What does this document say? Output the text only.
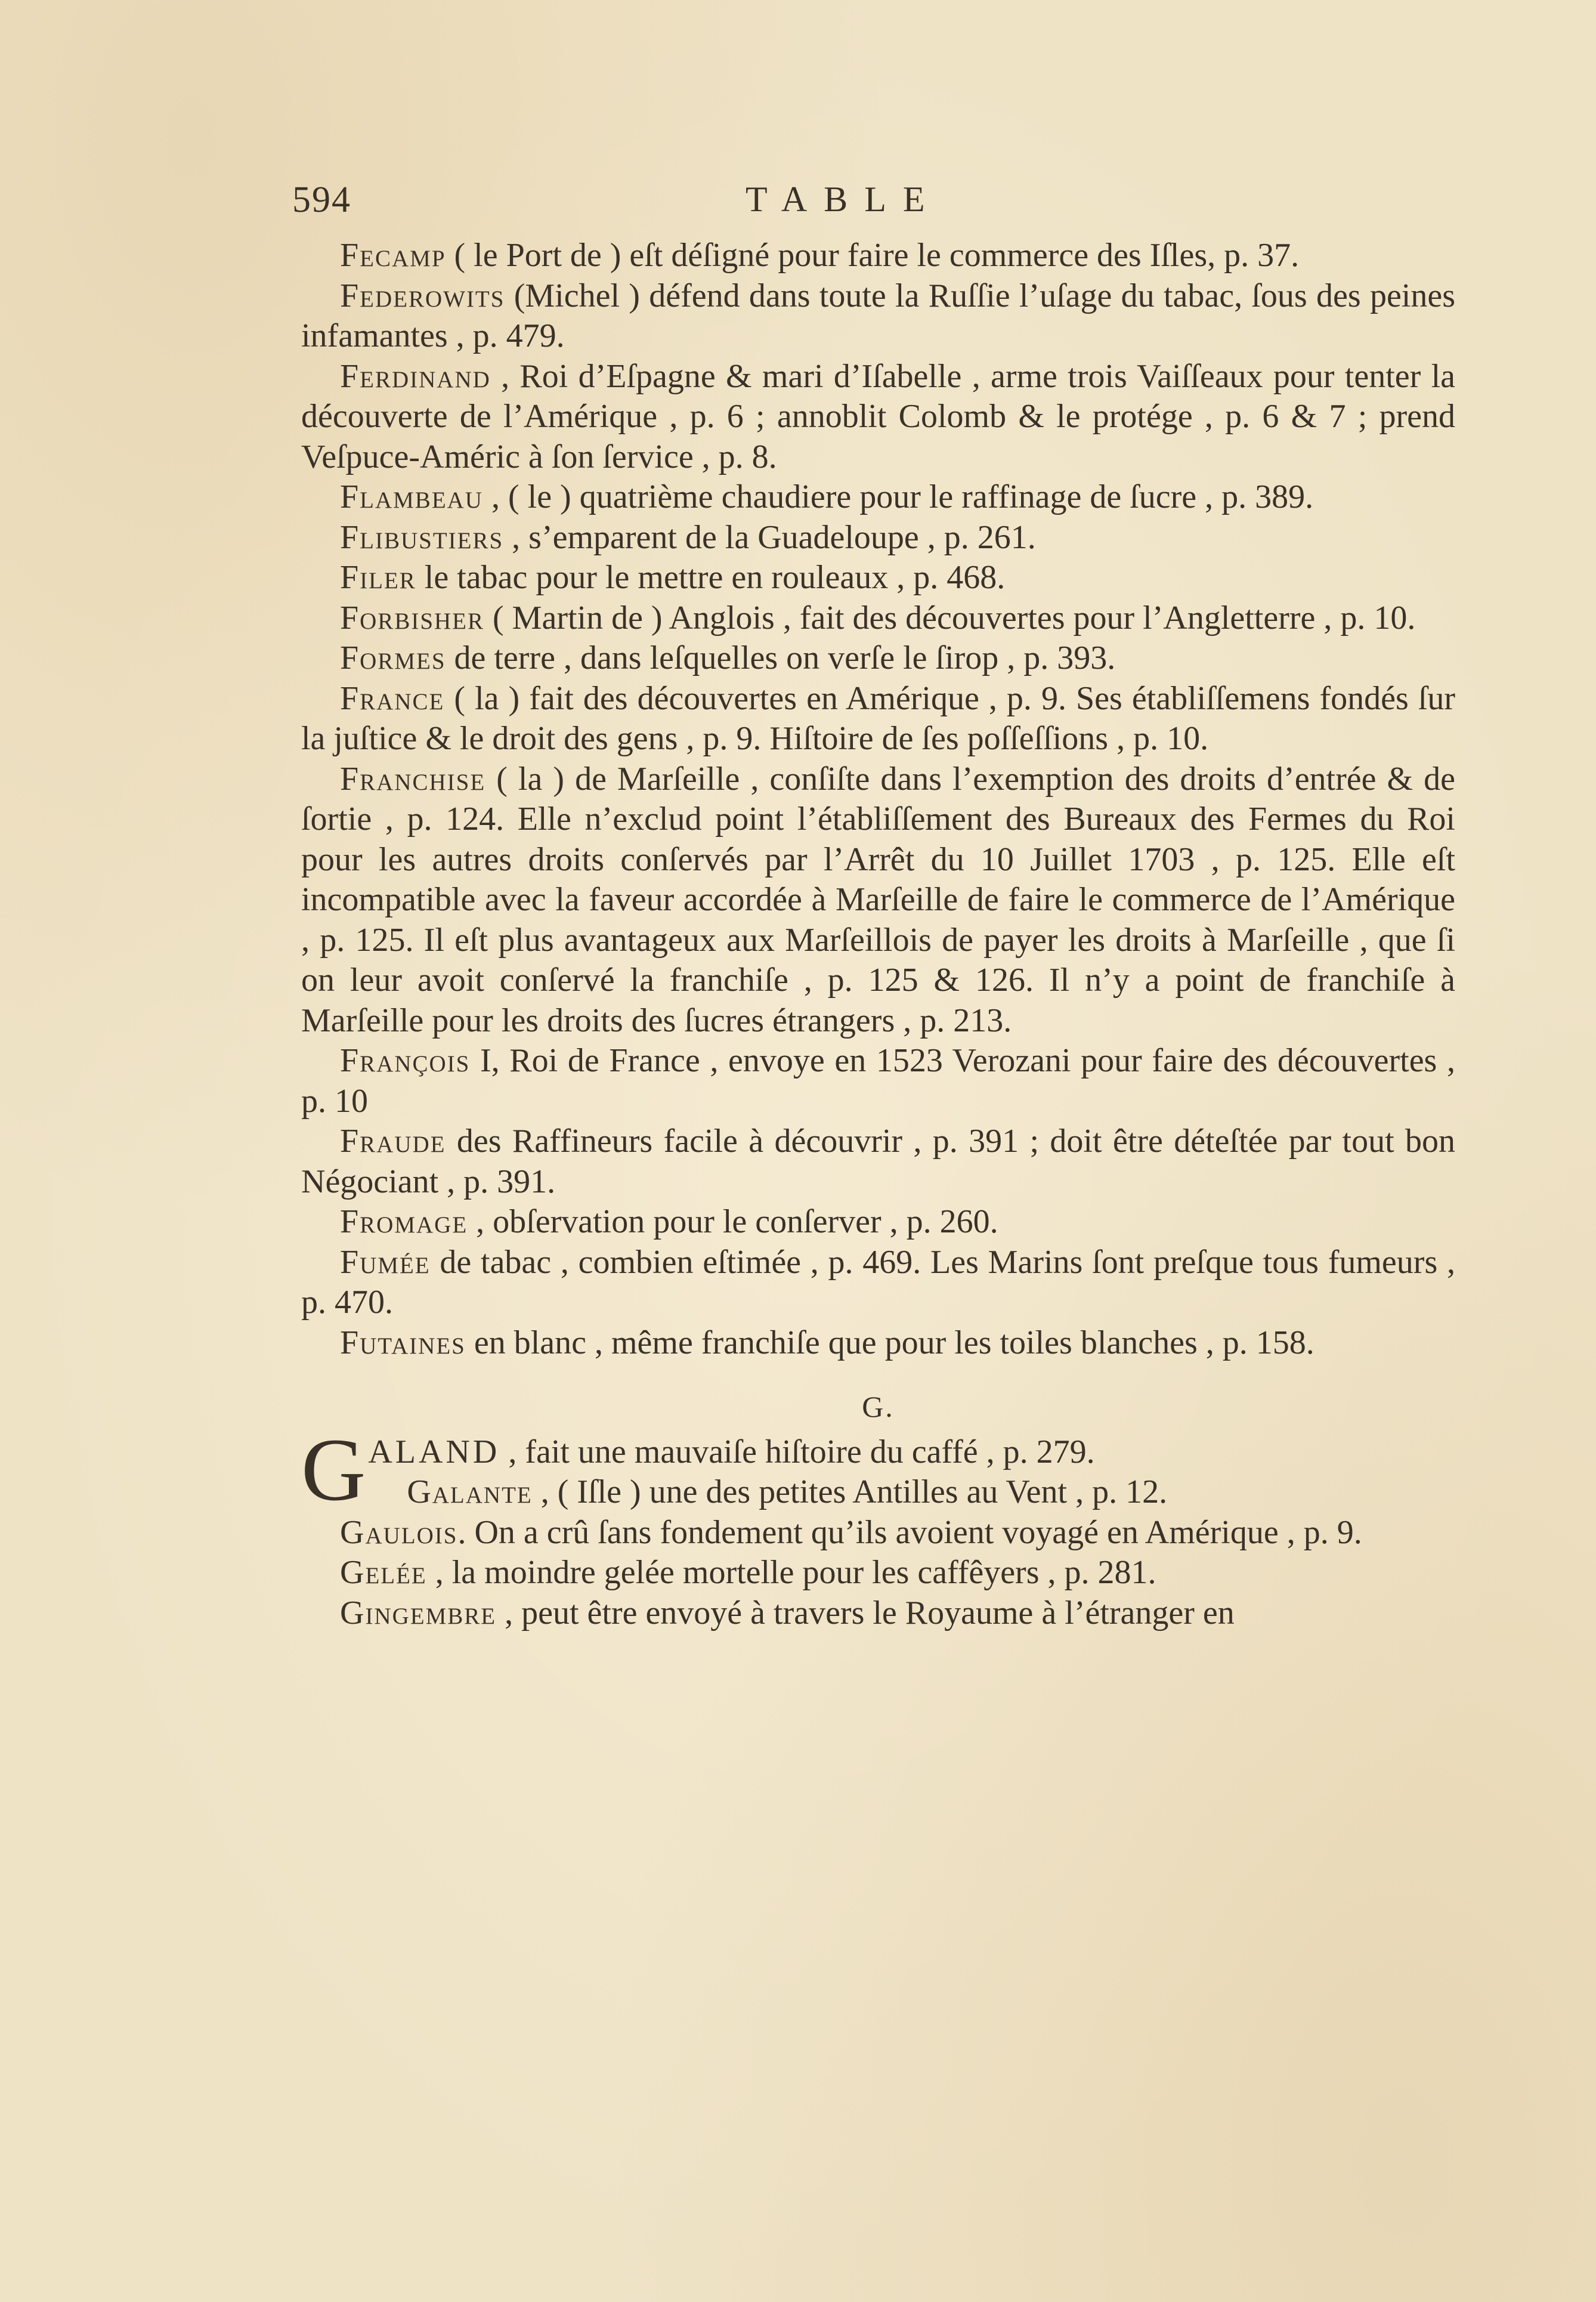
594	TABLE

Fecamp ( le Port de ) eſt déſigné pour faire le commerce des Iſles, p. 37.

Federowits (Michel ) défend dans toute la Ruſſie l’uſage du tabac, ſous des peines infamantes , p. 479.

Ferdinand , Roi d’Eſpagne & mari d’Iſabelle , arme trois Vaiſſeaux pour tenter la découverte de l’Amérique , p. 6 ; annoblit Colomb & le protége , p. 6 & 7 ; prend Veſpuce-Améric à ſon ſervice , p. 8.

Flambeau , ( le ) quatrième chaudiere pour le raffinage de ſucre , p. 389.

Flibustiers , s’emparent de la Guadeloupe , p. 261.

Filer le tabac pour le mettre en rouleaux , p. 468.

Forbisher ( Martin de ) Anglois , fait des découvertes pour l’Angletterre , p. 10.

Formes de terre , dans leſquelles on verſe le ſirop , p. 393.

France ( la ) fait des découvertes en Amérique , p. 9. Ses établiſſemens fondés ſur la juſtice & le droit des gens , p. 9. Hiſtoire de ſes poſſeſſions , p. 10.

Franchise ( la ) de Marſeille , conſiſte dans l’exemption des droits d’entrée & de ſortie , p. 124. Elle n’exclud point l’établiſſement des Bureaux des Fermes du Roi pour les autres droits conſervés par l’Arrêt du 10 Juillet 1703 , p. 125. Elle eſt incompatible avec la faveur accordée à Marſeille de faire le commerce de l’Amérique , p. 125. Il eſt plus avantageux aux Marſeillois de payer les droits à Marſeille , que ſi on leur avoit conſervé la franchiſe , p. 125 & 126. Il n’y a point de franchiſe à Marſeille pour les droits des ſucres étrangers , p. 213.

François I, Roi de France , envoye en 1523 Verozani pour faire des découvertes , p. 10

Fraude des Raffineurs facile à découvrir , p. 391 ; doit être déteſtée par tout bon Négociant , p. 391.

Fromage , obſervation pour le conſerver , p. 260.

Fumée de tabac , combien eſtimée , p. 469. Les Marins ſont preſque tous fumeurs , p. 470.

Futaines en blanc , même franchiſe que pour les toiles blanches , p. 158.

G.

GALAND , fait une mauvaiſe hiſtoire du caffé , p. 279.

Galante , ( Iſle ) une des petites Antilles au Vent , p. 12.

Gaulois. On a crû ſans fondement qu’ils avoient voyagé en Amérique , p. 9.

Gelée , la moindre gelée mortelle pour les caffêyers , p. 281.

Gingembre , peut être envoyé à travers le Royaume à l’étranger en
